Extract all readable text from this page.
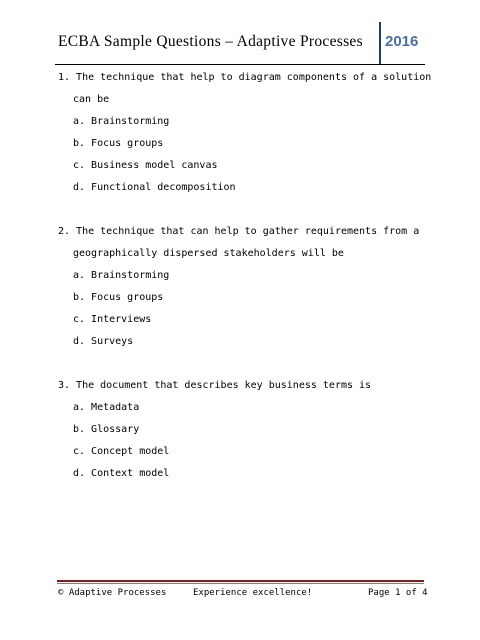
ECBA Sample Questions – Adaptive Processes 2016
1. The technique that help to diagram components of a solution
can be
a. Brainstorming
b. Focus groups
c. Business model canvas
d. Functional decomposition
2. The technique that can help to gather requirements from a
geographically dispersed stakeholders will be
a. Brainstorming
b. Focus groups
c. Interviews
d. Surveys
3. The document that describes key business terms is
a. Metadata
b. Glossary
c. Concept model
d. Context model
© Adaptive Processes	Experience excellence!	Page 1 of 4
